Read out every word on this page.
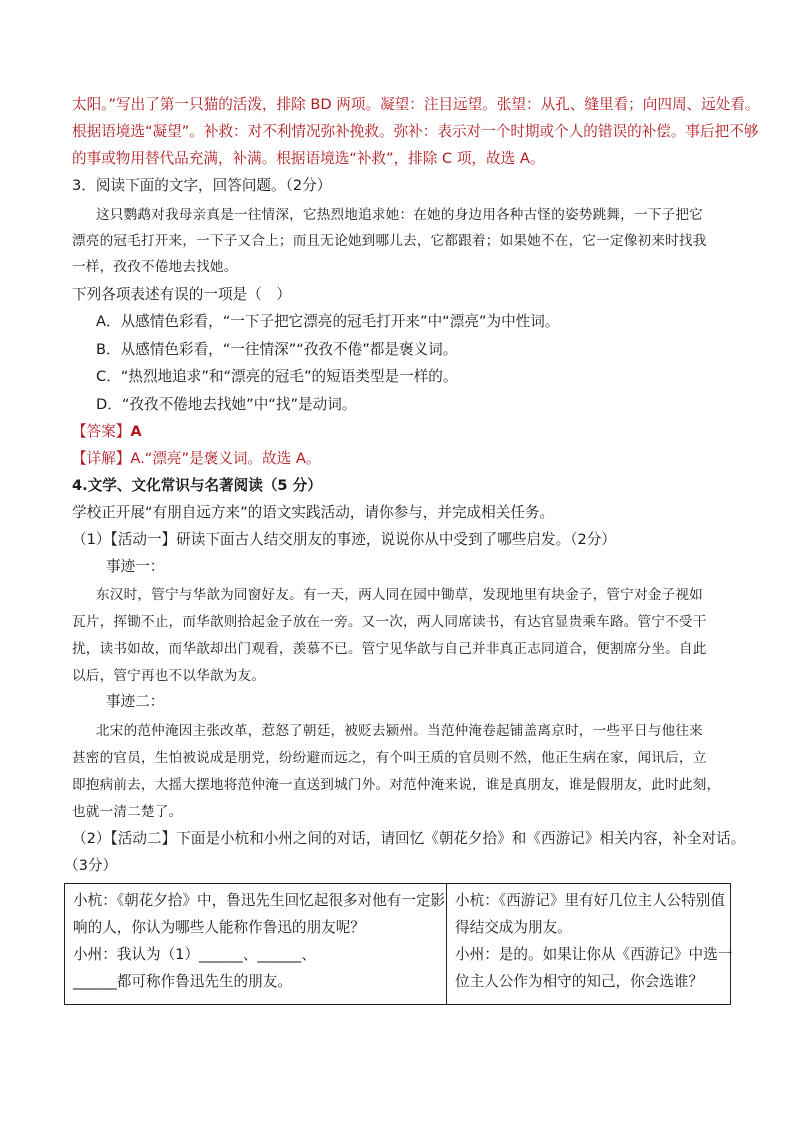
太阳。”写出了第一只猫的活泼，排除 BD 两项。凝望：注目远望。张望：从孔、缝里看；向四周、远处看。
根据语境选“凝望”。补救：对不利情况弥补挽救。弥补：表示对一个时期或个人的错误的补偿。事后把不够
的事或物用替代品充满，补满。根据语境选“补救”，排除 C 项，故选 A。
3．阅读下面的文字，回答问题。（2分）
这只鹦鹉对我母亲真是一往情深，它热烈地追求她：在她的身边用各种古怪的姿势跳舞，一下子把它
漂亮的冠毛打开来，一下子又合上；而且无论她到哪儿去，它都跟着；如果她不在，它一定像初来时找我
一样，孜孜不倦地去找她。
下列各项表述有误的一项是（　）
A．从感情色彩看，“一下子把它漂亮的冠毛打开来”中“漂亮”为中性词。
B．从感情色彩看，“一往情深”“孜孜不倦”都是褒义词。
C．“热烈地追求”和“漂亮的冠毛”的短语类型是一样的。
D．“孜孜不倦地去找她”中“找”是动词。
【答案】A
【详解】A.“漂亮”是褒义词。故选 A。
4.文学、文化常识与名著阅读（5 分）
学校正开展“有朋自远方来”的语文实践活动，请你参与，并完成相关任务。
（1）【活动一】研读下面古人结交朋友的事迹，说说你从中受到了哪些启发。（2分）
事迹一：
东汉时，管宁与华歆为同窗好友。有一天，两人同在园中锄草，发现地里有块金子，管宁对金子视如
瓦片，挥锄不止，而华歆则拾起金子放在一旁。又一次，两人同席读书，有达官显贵乘车路。管宁不受干
扰，读书如故，而华歆却出门观看，羡慕不已。管宁见华歆与自己并非真正志同道合，便割席分坐。自此
以后，管宁再也不以华歆为友。
事迹二：
北宋的范仲淹因主张改革，惹怒了朝廷，被贬去颍州。当范仲淹卷起铺盖离京时，一些平日与他往来
甚密的官员，生怕被说成是朋党，纷纷避而远之，有个叫王质的官员则不然，他正生病在家，闻讯后，立
即抱病前去，大摇大摆地将范仲淹一直送到城门外。对范仲淹来说，谁是真朋友，谁是假朋友，此时此刻，
也就一清二楚了。
（2）【活动二】下面是小杭和小州之间的对话，请回忆《朝花夕拾》和《西游记》相关内容，补全对话。
（3分）
小杭：《朝花夕拾》中，鲁迅先生回忆起很多对他有一定影
响的人，你认为哪些人能称作鲁迅的朋友呢？
小州：我认为（1）______、______、
______都可称作鲁迅先生的朋友。

小杭：《西游记》里有好几位主人公特别值
得结交成为朋友。
小州：是的。如果让你从《西游记》中选一
位主人公作为相守的知己，你会选谁？
